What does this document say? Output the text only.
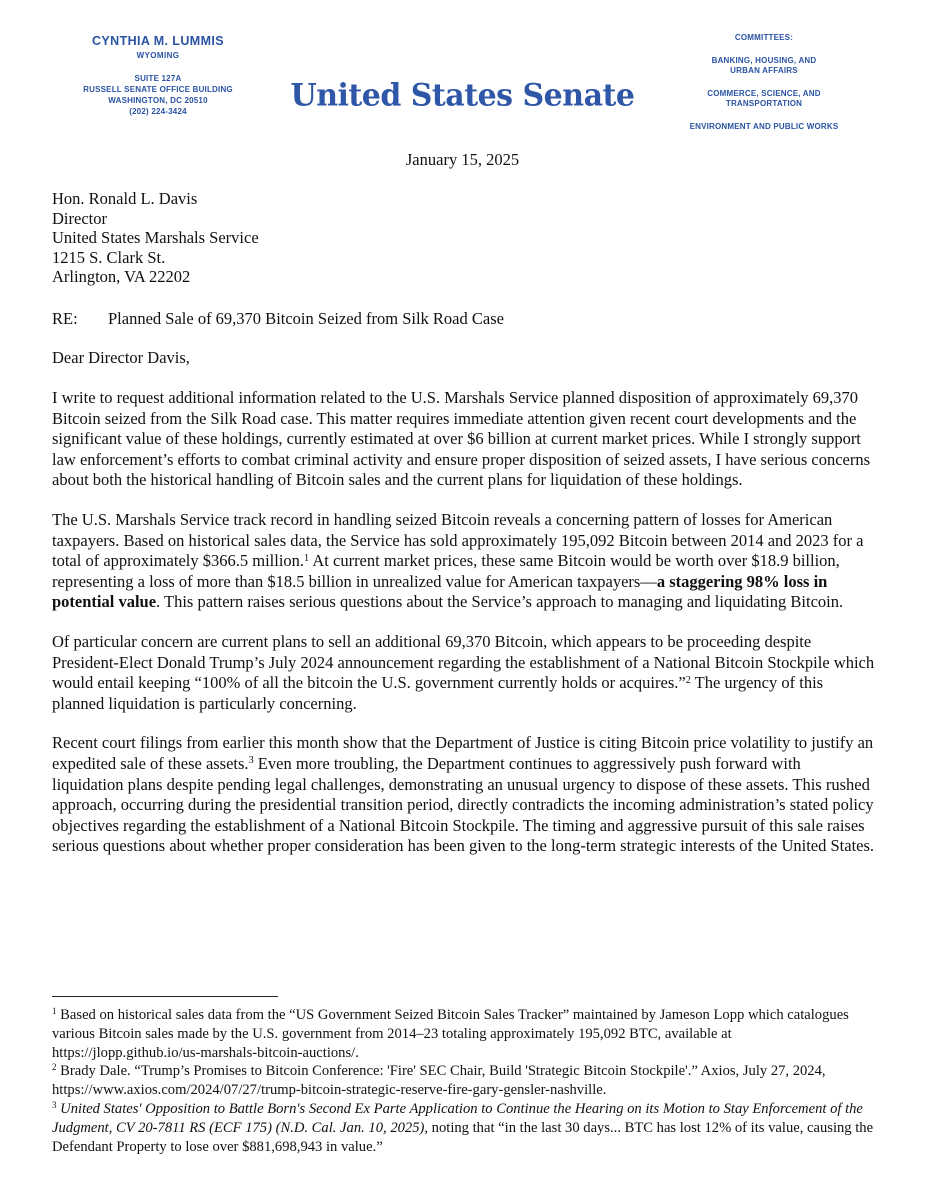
CYNTHIA M. LUMMIS
WYOMING
SUITE 127A
RUSSELL SENATE OFFICE BUILDING
WASHINGTON, DC 20510
(202) 224-3424	United States Senate
COMMITTEES:
BANKING, HOUSING, AND
URBAN AFFAIRS
COMMERCE, SCIENCE, AND
TRANSPORTATION
ENVIRONMENT AND PUBLIC WORKS
January 15, 2025
Hon. Ronald L. Davis
Director
United States Marshals Service
1215 S. Clark St.
Arlington, VA 22202
RE: Planned Sale of 69,370 Bitcoin Seized from Silk Road Case
Dear Director Davis,

I write to request additional information related to the U.S. Marshals Service planned disposition of approximately 69,370 Bitcoin seized from the Silk Road case. This matter requires immediate attention given recent court developments and the significant value of these holdings, currently estimated at over $6 billion at current market prices. While I strongly support law enforcement’s efforts to combat criminal activity and ensure proper disposition of seized assets, I have serious concerns about both the historical handling of Bitcoin sales and the current plans for liquidation of these holdings.

The U.S. Marshals Service track record in handling seized Bitcoin reveals a concerning pattern of losses for American taxpayers. Based on historical sales data, the Service has sold approximately 195,092 Bitcoin between 2014 and 2023 for a total of approximately $366.5 million.$^1$ At current market prices, these same Bitcoin would be worth over $18.9 billion, representing a loss of more than $18.5 billion in unrealized value for American taxpayers—a staggering 98% loss in potential value. This pattern raises serious questions about the Service’s approach to managing and liquidating Bitcoin.

Of particular concern are current plans to sell an additional 69,370 Bitcoin, which appears to be proceeding despite President-Elect Donald Trump’s July 2024 announcement regarding the establishment of a National Bitcoin Stockpile which would entail keeping “100% of all the bitcoin the U.S. government currently holds or acquires.”$^2$ The urgency of this planned liquidation is particularly concerning.

Recent court filings from earlier this month show that the Department of Justice is citing Bitcoin price volatility to justify an expedited sale of these assets.$^3$ Even more troubling, the Department continues to aggressively push forward with liquidation plans despite pending legal challenges, demonstrating an unusual urgency to dispose of these assets. This rushed approach, occurring during the presidential transition period, directly contradicts the incoming administration’s stated policy objectives regarding the establishment of a National Bitcoin Stockpile. The timing and aggressive pursuit of this sale raises serious questions about whether proper consideration has been given to the long-term strategic interests of the United States.

$^1$ Based on historical sales data from the “US Government Seized Bitcoin Sales Tracker” maintained by Jameson Lopp which catalogues various Bitcoin sales made by the U.S. government from 2014–23 totaling approximately 195,092 BTC, available at https://jlopp.github.io/us-marshals-bitcoin-auctions/.

$^2$ Brady Dale. “Trump’s Promises to Bitcoin Conference: 'Fire' SEC Chair, Build 'Strategic Bitcoin Stockpile'.” Axios, July 27, 2024, https://www.axios.com/2024/07/27/trump-bitcoin-strategic-reserve-fire-gary-gensler-nashville.

$^3$ United States' Opposition to Battle Born's Second Ex Parte Application to Continue the Hearing on its Motion to Stay Enforcement of the Judgment, CV 20-7811 RS (ECF 175) (N.D. Cal. Jan. 10, 2025), noting that “in the last 30 days... BTC has lost 12% of its value, causing the Defendant Property to lose over $881,698,943 in value.”
